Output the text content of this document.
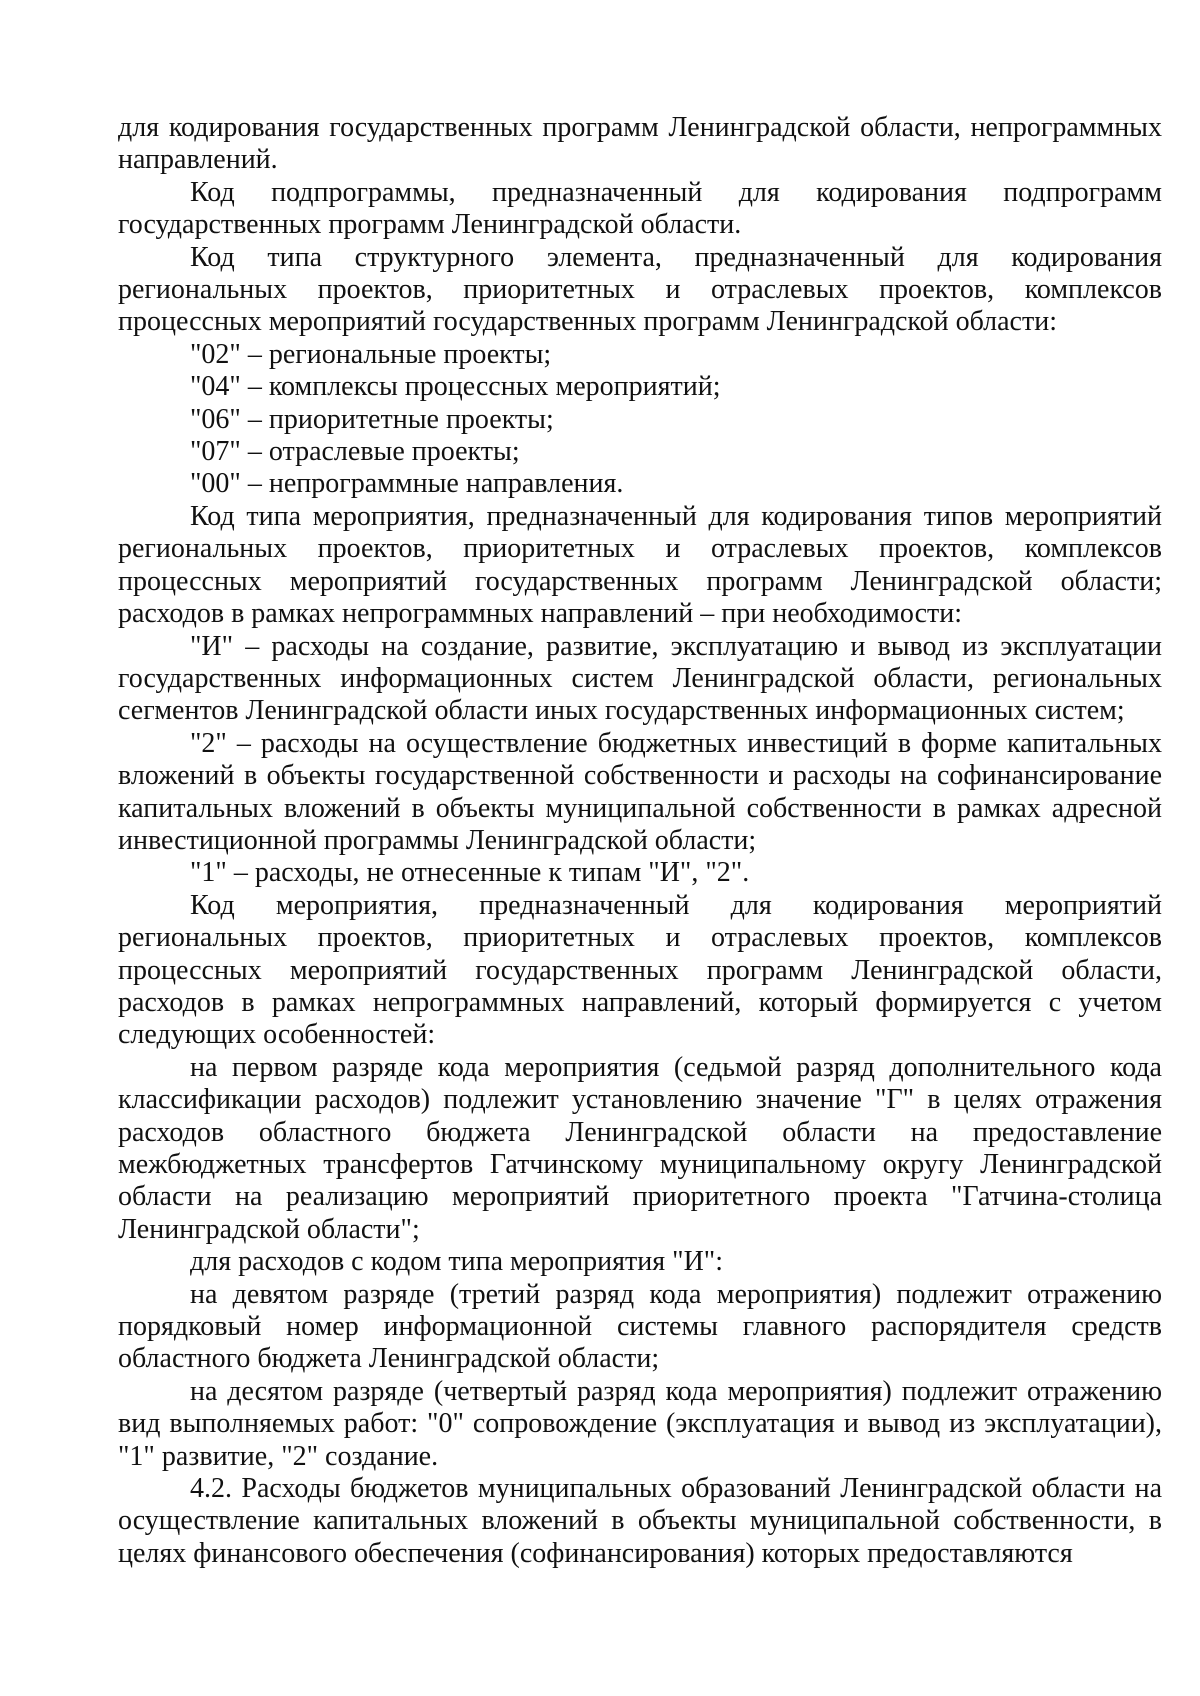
для кодирования государственных программ Ленинградской области, непрограммных направлений.

Код подпрограммы, предназначенный для кодирования подпрограмм государственных программ Ленинградской области.

Код типа структурного элемента, предназначенный для кодирования региональных проектов, приоритетных и отраслевых проектов, комплексов процессных мероприятий государственных программ Ленинградской области:

"02" – региональные проекты;

"04" – комплексы процессных мероприятий;

"06" – приоритетные проекты;

"07" – отраслевые проекты;

"00" – непрограммные направления.

Код типа мероприятия, предназначенный для кодирования типов мероприятий региональных проектов, приоритетных и отраслевых проектов, комплексов процессных мероприятий государственных программ Ленинградской области; расходов в рамках непрограммных направлений – при необходимости:

"И" – расходы на создание, развитие, эксплуатацию и вывод из эксплуатации государственных информационных систем Ленинградской области, региональных сегментов Ленинградской области иных государственных информационных систем;

"2" – расходы на осуществление бюджетных инвестиций в форме капитальных вложений в объекты государственной собственности и расходы на софинансирование капитальных вложений в объекты муниципальной собственности в рамках адресной инвестиционной программы Ленинградской области;

"1" – расходы, не отнесенные к типам "И", "2".

Код мероприятия, предназначенный для кодирования мероприятий региональных проектов, приоритетных и отраслевых проектов, комплексов процессных мероприятий государственных программ Ленинградской области, расходов в рамках непрограммных направлений, который формируется с учетом следующих особенностей:

на первом разряде кода мероприятия (седьмой разряд дополнительного кода классификации расходов) подлежит установлению значение "Г" в целях отражения расходов областного бюджета Ленинградской области на предоставление межбюджетных трансфертов Гатчинскому муниципальному округу Ленинградской области на реализацию мероприятий приоритетного проекта "Гатчина-столица Ленинградской области";

для расходов с кодом типа мероприятия "И":

на девятом разряде (третий разряд кода мероприятия) подлежит отражению порядковый номер информационной системы главного распорядителя средств областного бюджета Ленинградской области;

на десятом разряде (четвертый разряд кода мероприятия) подлежит отражению вид выполняемых работ: "0" сопровождение (эксплуатация и вывод из эксплуатации), "1" развитие, "2" создание.

4.2. Расходы бюджетов муниципальных образований Ленинградской области на осуществление капитальных вложений в объекты муниципальной собственности, в целях финансового обеспечения (софинансирования) которых предоставляются
